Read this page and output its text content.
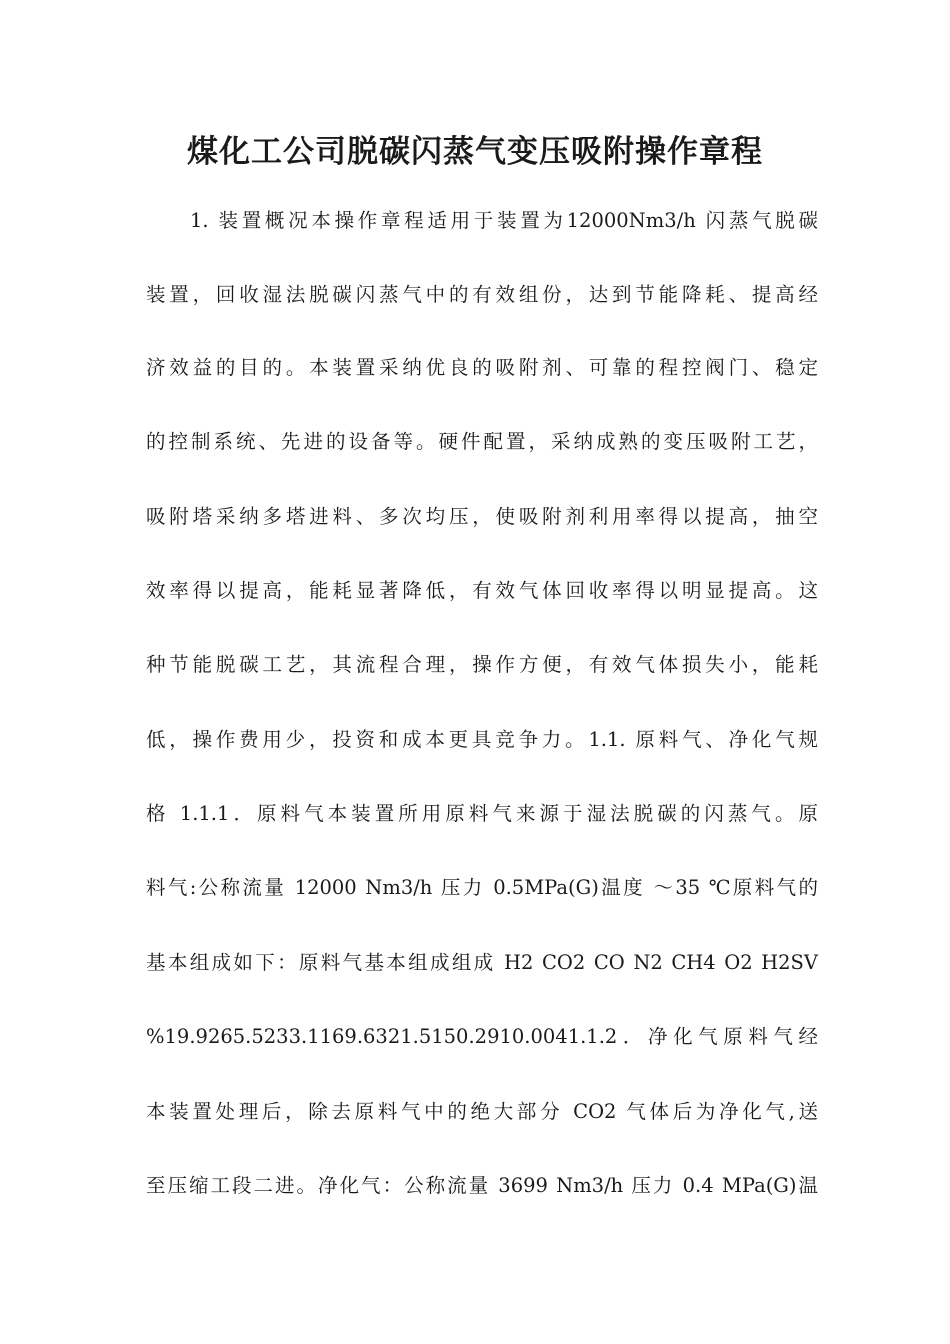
煤化工公司脱碳闪蒸气变压吸附操作章程

1. 装置概况本操作章程适用于装置为12000Nm3/h 闪蒸气脱碳

装置，回收湿法脱碳闪蒸气中的有效组份，达到节能降耗、提高经

济效益的目的。本装置采纳优良的吸附剂、可靠的程控阀门、稳定

的控制系统、先进的设备等。硬件配置，采纳成熟的变压吸附工艺，

吸附塔采纳多塔进料、多次均压，使吸附剂利用率得以提高，抽空

效率得以提高，能耗显著降低，有效气体回收率得以明显提高。这

种节能脱碳工艺，其流程合理，操作方便，有效气体损失小，能耗

低，操作费用少，投资和成本更具竞争力。1.1. 原料气、净化气规

格 1.1.1．原料气本装置所用原料气来源于湿法脱碳的闪蒸气。原

料气:公称流量 12000 Nm3/h 压力 0.5MPa(G)温度 ～35 ℃原料气的

基本组成如下：原料气基本组成组成 H2 CO2 CO N2 CH4 O2 H2SV

%19.9265.5233.1169.6321.5150.2910.0041.1.2．净化气原料气经

本装置处理后，除去原料气中的绝大部分 CO2 气体后为净化气,送

至压缩工段二进。净化气：公称流量 3699 Nm3/h 压力 0.4 MPa(G)温
